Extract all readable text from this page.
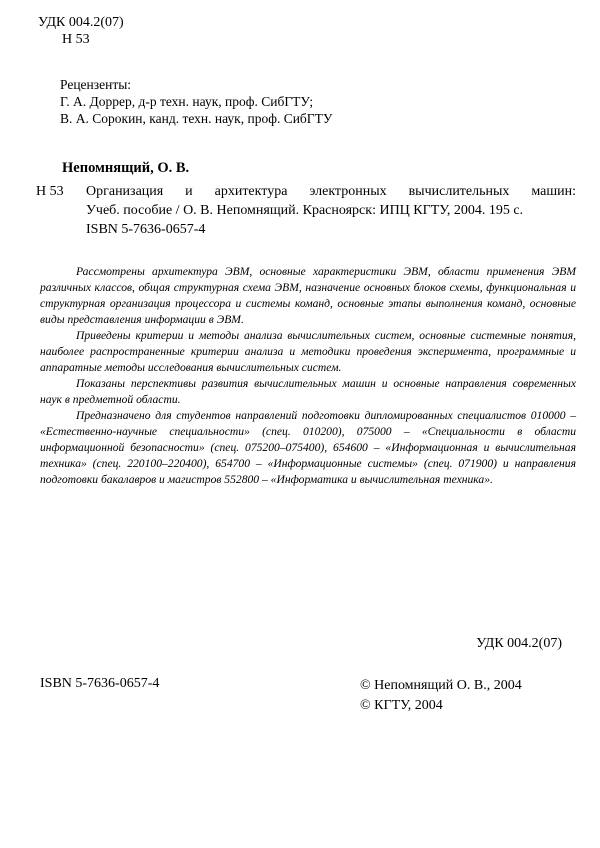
УДК 004.2(07)
Н 53
Рецензенты:
Г. А. Доррер, д-р техн. наук, проф. СибГТУ;
В. А. Сорокин, канд. техн. наук, проф. СибГТУ
Непомнящий, О. В.
Н 53 Организация и архитектура электронных вычислительных машин:
Учеб. пособие / О. В. Непомнящий. Красноярск: ИПЦ КГТУ, 2004. 195 с.
ISBN 5-7636-0657-4

Рассмотрены архитектура ЭВМ, основные характеристики ЭВМ, области применения ЭВМ различных классов, общая структурная схема ЭВМ, назначение основных блоков схемы, функциональная и структурная организация процессора и системы команд, основные этапы выполнения команд, основные виды представления информации в ЭВМ.

Приведены критерии и методы анализа вычислительных систем, основные системные понятия, наиболее распространенные критерии анализа и методики проведения эксперимента, программные и аппаратные методы исследования вычислительных систем.

Показаны перспективы развития вычислительных машин и основные направления современных наук в предметной области.

Предназначено для студентов направлений подготовки дипломированных специалистов 010000 – «Естественно-научные специальности» (спец. 010200), 075000 – «Специальности в области информационной безопасности» (спец. 075200–075400), 654600 – «Информационная и вычислительная техника» (спец. 220100–220400), 654700 – «Информационные системы» (спец. 071900) и направления подготовки бакалавров и магистров 552800 – «Информатика и вычислительная техника».

УДК 004.2(07)
ISBN 5-7636-0657-4	© Непомнящий О. В., 2004
© КГТУ, 2004
